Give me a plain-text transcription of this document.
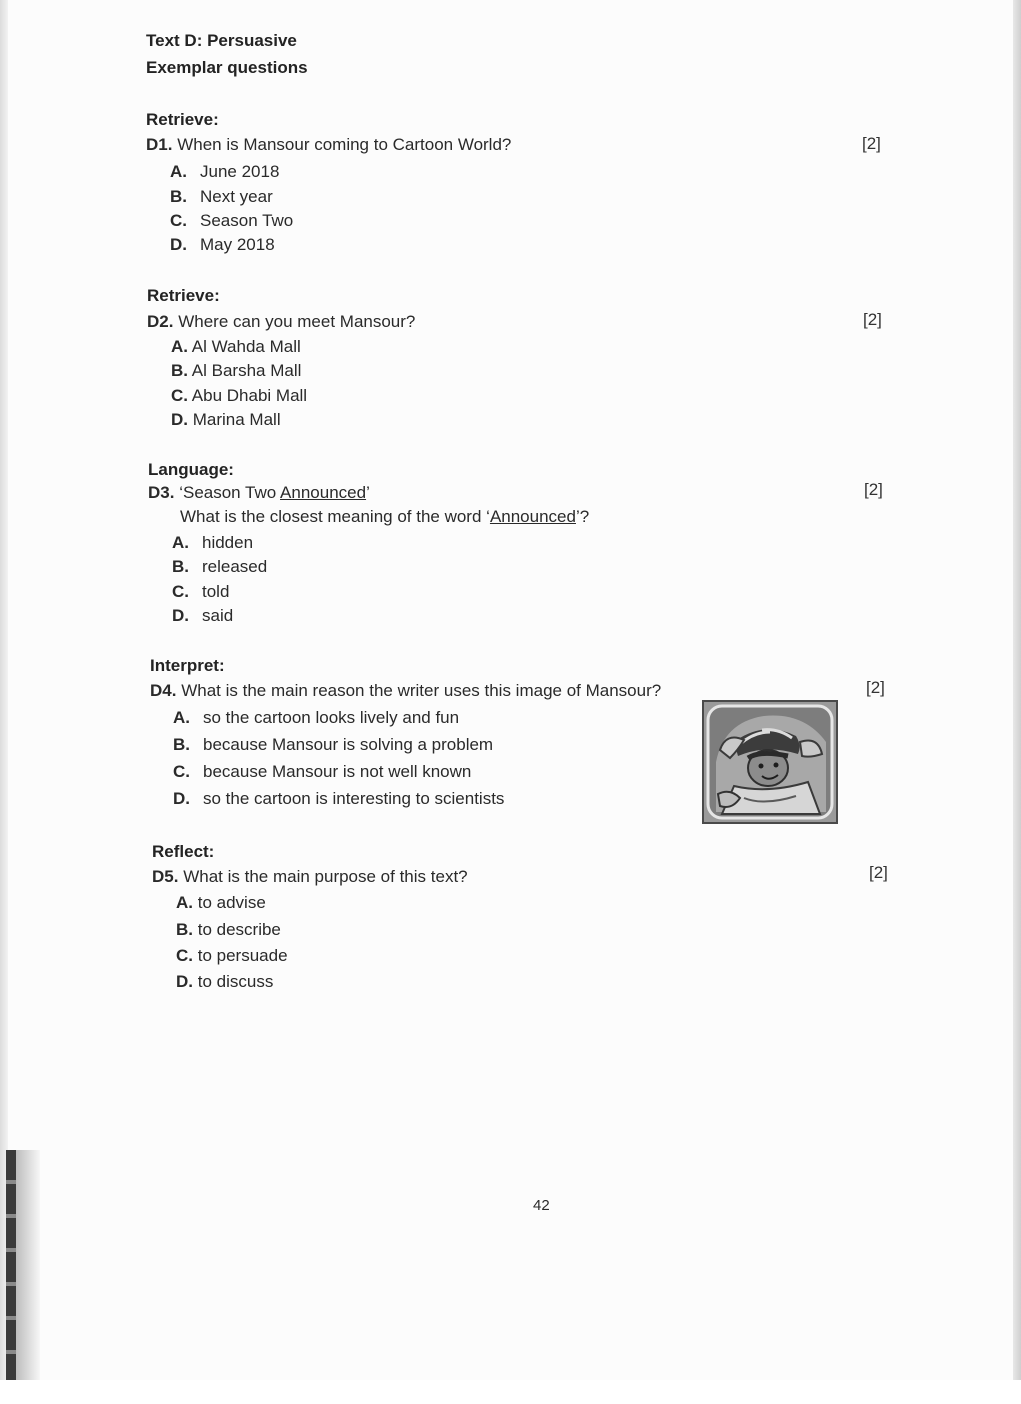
Text D: Persuasive
Exemplar questions
Retrieve:
D1. When is Mansour coming to Cartoon World?	[2]
A. June 2018
B. Next year
C. Season Two
D. May 2018
Retrieve:
D2. Where can you meet Mansour?	[2]
A. Al Wahda Mall
B. Al Barsha Mall
C. Abu Dhabi Mall
D. Marina Mall
Language:
D3. ‘Season Two Announced’	[2]
What is the closest meaning of the word ‘Announced’?
A. hidden
B. released
C. told
D. said
Interpret:
D4. What is the main reason the writer uses this image of Mansour?	[2]
A. so the cartoon looks lively and fun
B. because Mansour is solving a problem
C. because Mansour is not well known
D. so the cartoon is interesting to scientists
Reflect:
D5. What is the main purpose of this text?	[2]
A. to advise
B. to describe
C. to persuade
D. to discuss
42
